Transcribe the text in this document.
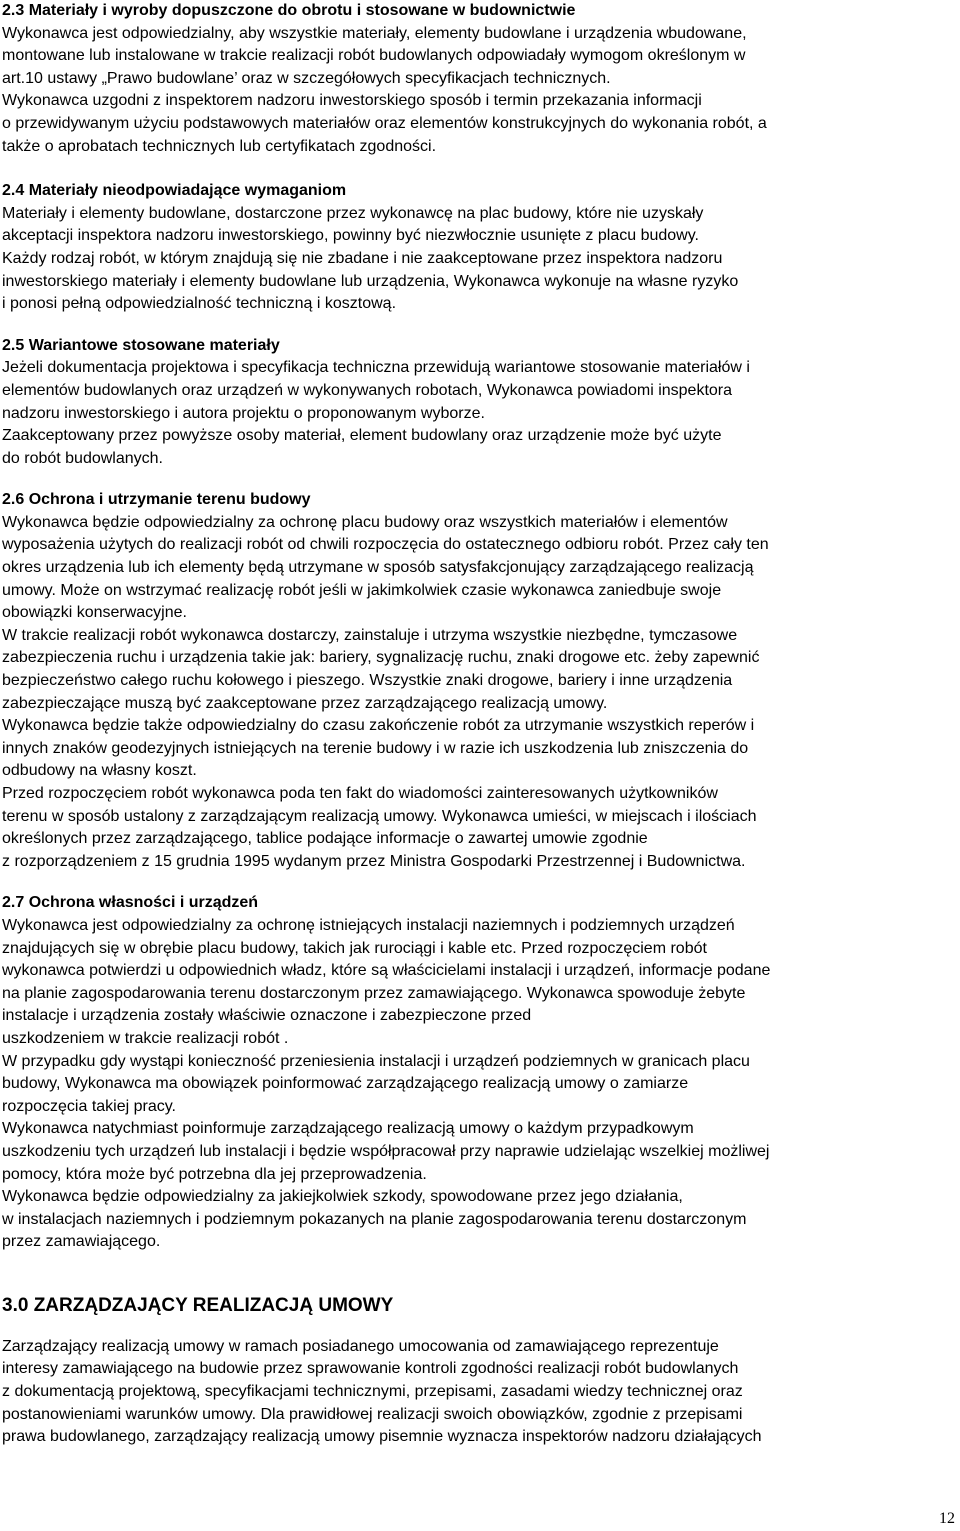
2.3 Materiały i wyroby dopuszczone do obrotu i stosowane w budownictwie

Wykonawca jest odpowiedzialny, aby wszystkie materiały, elementy budowlane i urządzenia wbudowane,
montowane lub instalowane w trakcie realizacji robót budowlanych odpowiadały wymogom określonym w
art.10 ustawy „Prawo budowlane’ oraz w szczegółowych specyfikacjach technicznych.
Wykonawca uzgodni z inspektorem nadzoru inwestorskiego sposób i termin przekazania informacji
o przewidywanym użyciu podstawowych materiałów oraz elementów konstrukcyjnych do wykonania robót, a
także o aprobatach technicznych lub certyfikatach zgodności.

2.4 Materiały nieodpowiadające wymaganiom

Materiały i elementy budowlane, dostarczone przez wykonawcę na plac budowy, które nie uzyskały
akceptacji inspektora nadzoru inwestorskiego, powinny być niezwłocznie usunięte z placu budowy.
Każdy rodzaj robót, w którym znajdują się nie zbadane i nie zaakceptowane przez inspektora nadzoru
inwestorskiego materiały i elementy budowlane lub urządzenia, Wykonawca wykonuje na własne ryzyko
i ponosi pełną odpowiedzialność techniczną i kosztową.

2.5 Wariantowe stosowane materiały

Jeżeli dokumentacja projektowa i specyfikacja techniczna przewidują wariantowe stosowanie materiałów i
elementów budowlanych oraz urządzeń w wykonywanych robotach, Wykonawca powiadomi inspektora
nadzoru inwestorskiego i autora projektu o proponowanym wyborze.
Zaakceptowany przez powyższe osoby materiał, element budowlany oraz urządzenie może być użyte
do robót budowlanych.

2.6 Ochrona i utrzymanie terenu budowy

Wykonawca będzie odpowiedzialny za ochronę placu budowy oraz wszystkich materiałów i elementów
wyposażenia użytych do realizacji robót od chwili rozpoczęcia do ostatecznego odbioru robót. Przez cały ten
okres urządzenia lub ich elementy będą utrzymane w sposób satysfakcjonujący zarządzającego realizacją
umowy. Może on wstrzymać realizację robót jeśli w jakimkolwiek czasie wykonawca zaniedbuje swoje
obowiązki konserwacyjne.
W trakcie realizacji robót wykonawca dostarczy, zainstaluje i utrzyma wszystkie niezbędne, tymczasowe
zabezpieczenia ruchu i urządzenia takie jak: bariery, sygnalizację ruchu, znaki drogowe etc. żeby zapewnić
bezpieczeństwo całego ruchu kołowego i pieszego. Wszystkie znaki drogowe, bariery i inne urządzenia
zabezpieczające muszą być zaakceptowane przez zarządzającego realizacją umowy.
Wykonawca będzie także odpowiedzialny do czasu zakończenie robót za utrzymanie wszystkich reperów i
innych znaków geodezyjnych istniejących na terenie budowy i w razie ich uszkodzenia lub zniszczenia do
odbudowy na własny koszt.
Przed rozpoczęciem robót wykonawca poda ten fakt do wiadomości zainteresowanych użytkowników
terenu w sposób ustalony z zarządzającym realizacją umowy. Wykonawca umieści, w miejscach i ilościach
określonych przez zarządzającego, tablice podające informacje o zawartej umowie zgodnie
z rozporządzeniem z 15 grudnia 1995 wydanym przez Ministra Gospodarki Przestrzennej i Budownictwa.

2.7 Ochrona własności i urządzeń

Wykonawca jest odpowiedzialny za ochronę istniejących instalacji naziemnych i podziemnych urządzeń
znajdujących się w obrębie placu budowy, takich jak rurociągi i kable etc. Przed rozpoczęciem robót
wykonawca potwierdzi u odpowiednich władz, które są właścicielami instalacji i urządzeń, informacje podane
na planie zagospodarowania terenu dostarczonym przez zamawiającego. Wykonawca spowoduje żebyte
instalacje i urządzenia zostały właściwie oznaczone i zabezpieczone przed
uszkodzeniem w trakcie realizacji robót .
W przypadku gdy wystąpi konieczność przeniesienia instalacji i urządzeń podziemnych w granicach placu
budowy, Wykonawca ma obowiązek poinformować zarządzającego realizacją umowy o zamiarze
rozpoczęcia takiej pracy.
Wykonawca natychmiast poinformuje zarządzającego realizacją umowy o każdym przypadkowym
uszkodzeniu tych urządzeń lub instalacji i będzie współpracował przy naprawie udzielając wszelkiej możliwej
pomocy, która może być potrzebna dla jej przeprowadzenia.
Wykonawca będzie odpowiedzialny za jakiejkolwiek szkody, spowodowane przez jego działania,
w instalacjach naziemnych i podziemnym pokazanych na planie zagospodarowania terenu dostarczonym
przez zamawiającego.

3.0 ZARZĄDZAJĄCY REALIZACJĄ UMOWY

Zarządzający realizacją umowy w ramach posiadanego umocowania od zamawiającego reprezentuje
interesy zamawiającego na budowie przez sprawowanie kontroli zgodności realizacji robót budowlanych
z dokumentacją projektową, specyfikacjami technicznymi, przepisami, zasadami wiedzy technicznej oraz
postanowieniami warunków umowy. Dla prawidłowej realizacji swoich obowiązków, zgodnie z przepisami
prawa budowlanego, zarządzający realizacją umowy pisemnie wyznacza inspektorów nadzoru działających

12
